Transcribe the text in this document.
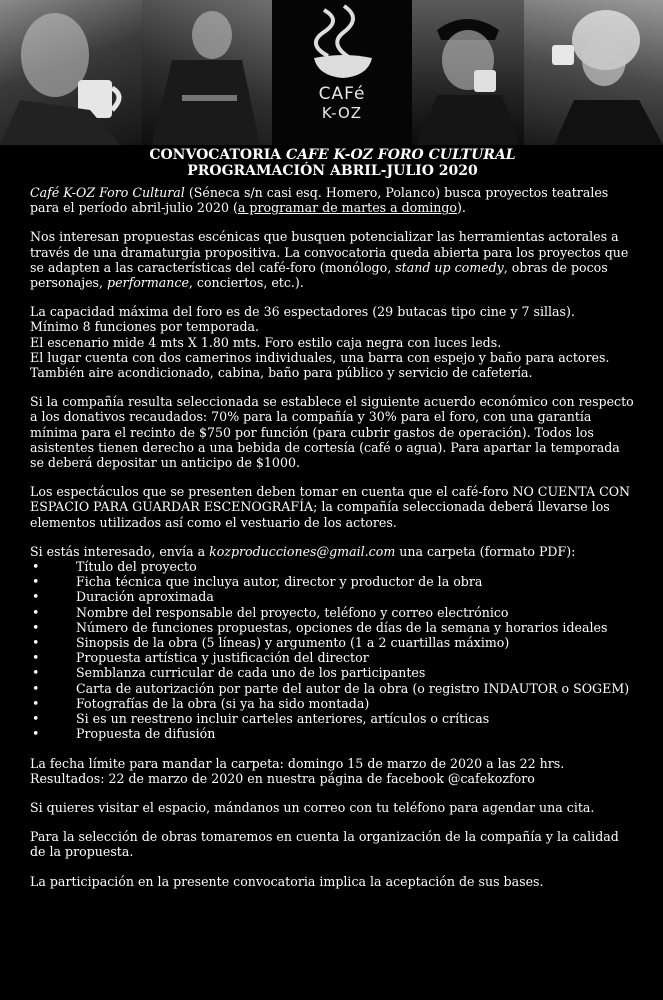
CAFé
K-OZ
CONVOCATORIA CAFE K-OZ FORO CULTURAL
PROGRAMACIÓN ABRIL-JULIO 2020

Café K-OZ Foro Cultural (Séneca s/n casi esq. Homero, Polanco) busca proyectos teatrales para el período abril-julio 2020 (a programar de martes a domingo).

Nos interesan propuestas escénicas que busquen potencializar las herramientas actorales a través de una dramaturgia propositiva. La convocatoria queda abierta para los proyectos que se adapten a las características del café-foro (monólogo, stand up comedy, obras de pocos personajes, performance, conciertos, etc.).

La capacidad máxima del foro es de 36 espectadores (29 butacas tipo cine y 7 sillas).
Mínimo 8 funciones por temporada.
El escenario mide 4 mts X 1.80 mts. Foro estilo caja negra con luces leds.
El lugar cuenta con dos camerinos individuales, una barra con espejo y baño para actores.
También aire acondicionado, cabina, baño para público y servicio de cafetería.

Si la compañía resulta seleccionada se establece el siguiente acuerdo económico con respecto a los donativos recaudados: 70% para la compañía y 30% para el foro, con una garantía mínima para el recinto de $750 por función (para cubrir gastos de operación). Todos los asistentes tienen derecho a una bebida de cortesía (café o agua). Para apartar la temporada se deberá depositar un anticipo de $1000.

Los espectáculos que se presenten deben tomar en cuenta que el café-foro NO CUENTA CON ESPACIO PARA GUARDAR ESCENOGRAFÍA; la compañía seleccionada deberá llevarse los elementos utilizados así como el vestuario de los actores.

Si estás interesado, envía a kozproducciones@gmail.com una carpeta (formato PDF):
•	Título del proyecto
•	Ficha técnica que incluya autor, director y productor de la obra
•	Duración aproximada
•	Nombre del responsable del proyecto, teléfono y correo electrónico
•	Número de funciones propuestas, opciones de días de la semana y horarios ideales
•	Sinopsis de la obra (5 líneas) y argumento (1 a 2 cuartillas máximo)
•	Propuesta artística y justificación del director
•	Semblanza curricular de cada uno de los participantes
•	Carta de autorización por parte del autor de la obra (o registro INDAUTOR o SOGEM)
•	Fotografías de la obra (si ya ha sido montada)
•	Si es un reestreno incluir carteles anteriores, artículos o críticas
•	Propuesta de difusión

La fecha límite para mandar la carpeta: domingo 15 de marzo de 2020 a las 22 hrs.
Resultados: 22 de marzo de 2020 en nuestra página de facebook @cafekozforo

Si quieres visitar el espacio, mándanos un correo con tu teléfono para agendar una cita.

Para la selección de obras tomaremos en cuenta la organización de la compañía y la calidad de la propuesta.

La participación en la presente convocatoria implica la aceptación de sus bases.
